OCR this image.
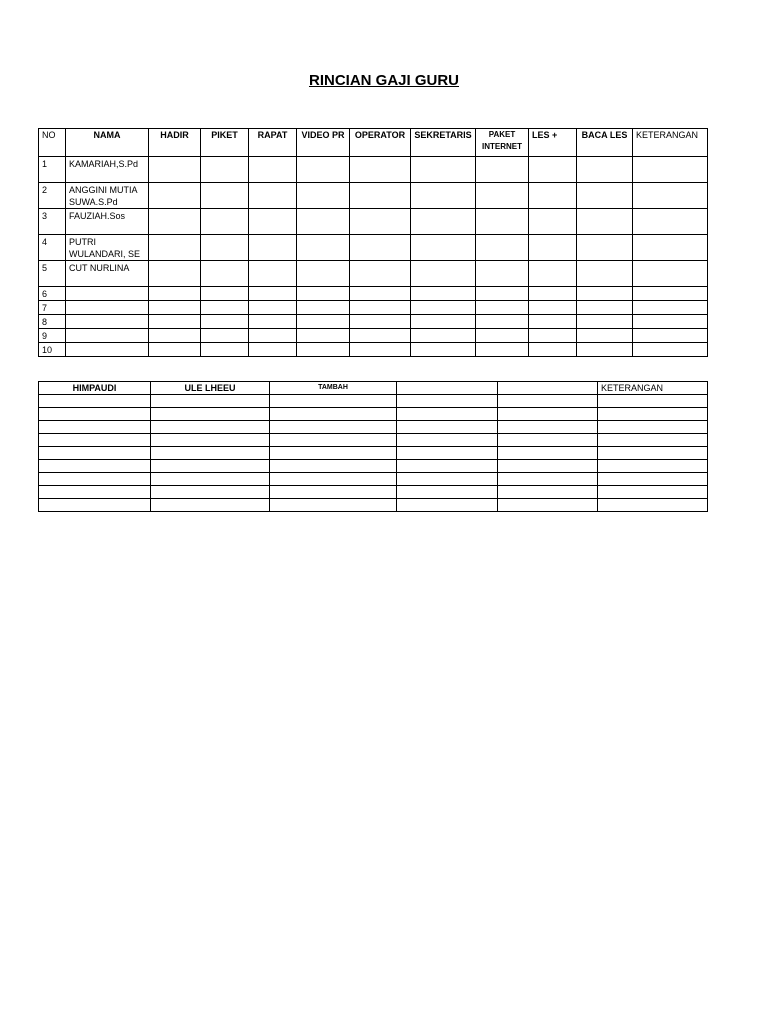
RINCIAN GAJI GURU
NO	NAMA	HADIR	PIKET	RAPAT	VIDEO PR	OPERATOR	SEKRETARIS	PAKET INTERNET	LES +	BACA LES	KETERANGAN
1	KAMARIAH,S.Pd										
2	ANGGINI MUTIA SUWA.S.Pd										
3	FAUZIAH.Sos										
4	PUTRI WULANDARI, SE										
5	CUT NURLINA										
6											
7											
8											
9											
10											
HIMPAUDI	ULE LHEEU	TAMBAH			KETERANGAN
